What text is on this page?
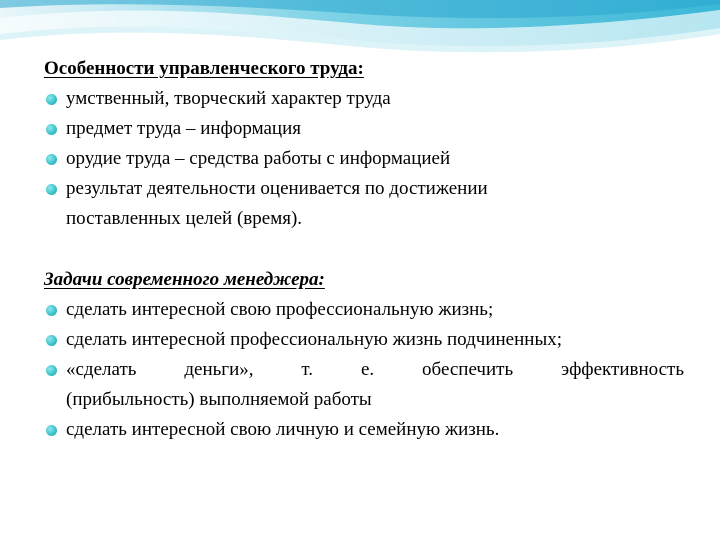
Особенности управленческого труда:
умственный, творческий характер труда
предмет труда – информация
орудие труда – средства работы с информацией
результат деятельности оценивается по достижении
поставленных целей (время).
Задачи современного менеджера:
сделать интересной свою профессиональную жизнь;
сделать интересной профессиональную жизнь подчиненных;
«сделать деньги», т. е. обеспечить эффективность
(прибыльность) выполняемой работы
сделать интересной свою личную и семейную жизнь.
